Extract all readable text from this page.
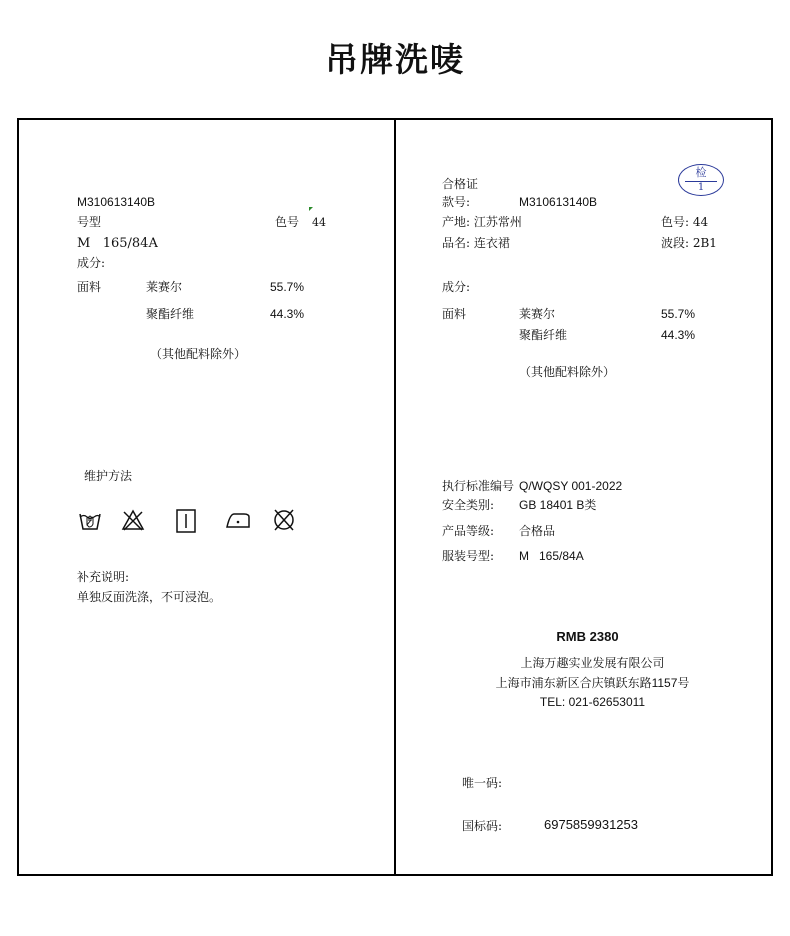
吊牌洗唛
M310613140B
号型	色号 44
M   165/84A
成分:
面料	莱赛尔	55.7%
聚酯纤维	44.3%
（其他配料除外）
维护方法
补充说明:
单独反面洗涤，不可浸泡。
合格证
检
1
款号:	M310613140B
产地: 江苏常州	色号: 44
品名: 连衣裙	波段: 2B1
成分:
面料	莱赛尔	55.7%
聚酯纤维	44.3%
（其他配料除外）
执行标准编号 Q/WQSY 001-2022
安全类别: GB 18401 B类
产品等级: 合格品
服装号型: M   165/84A
RMB 2380
上海万趣实业发展有限公司
上海市浦东新区合庆镇跃东路1157号
TEL: 021-62653011
唯一码:
国标码:	6975859931253
